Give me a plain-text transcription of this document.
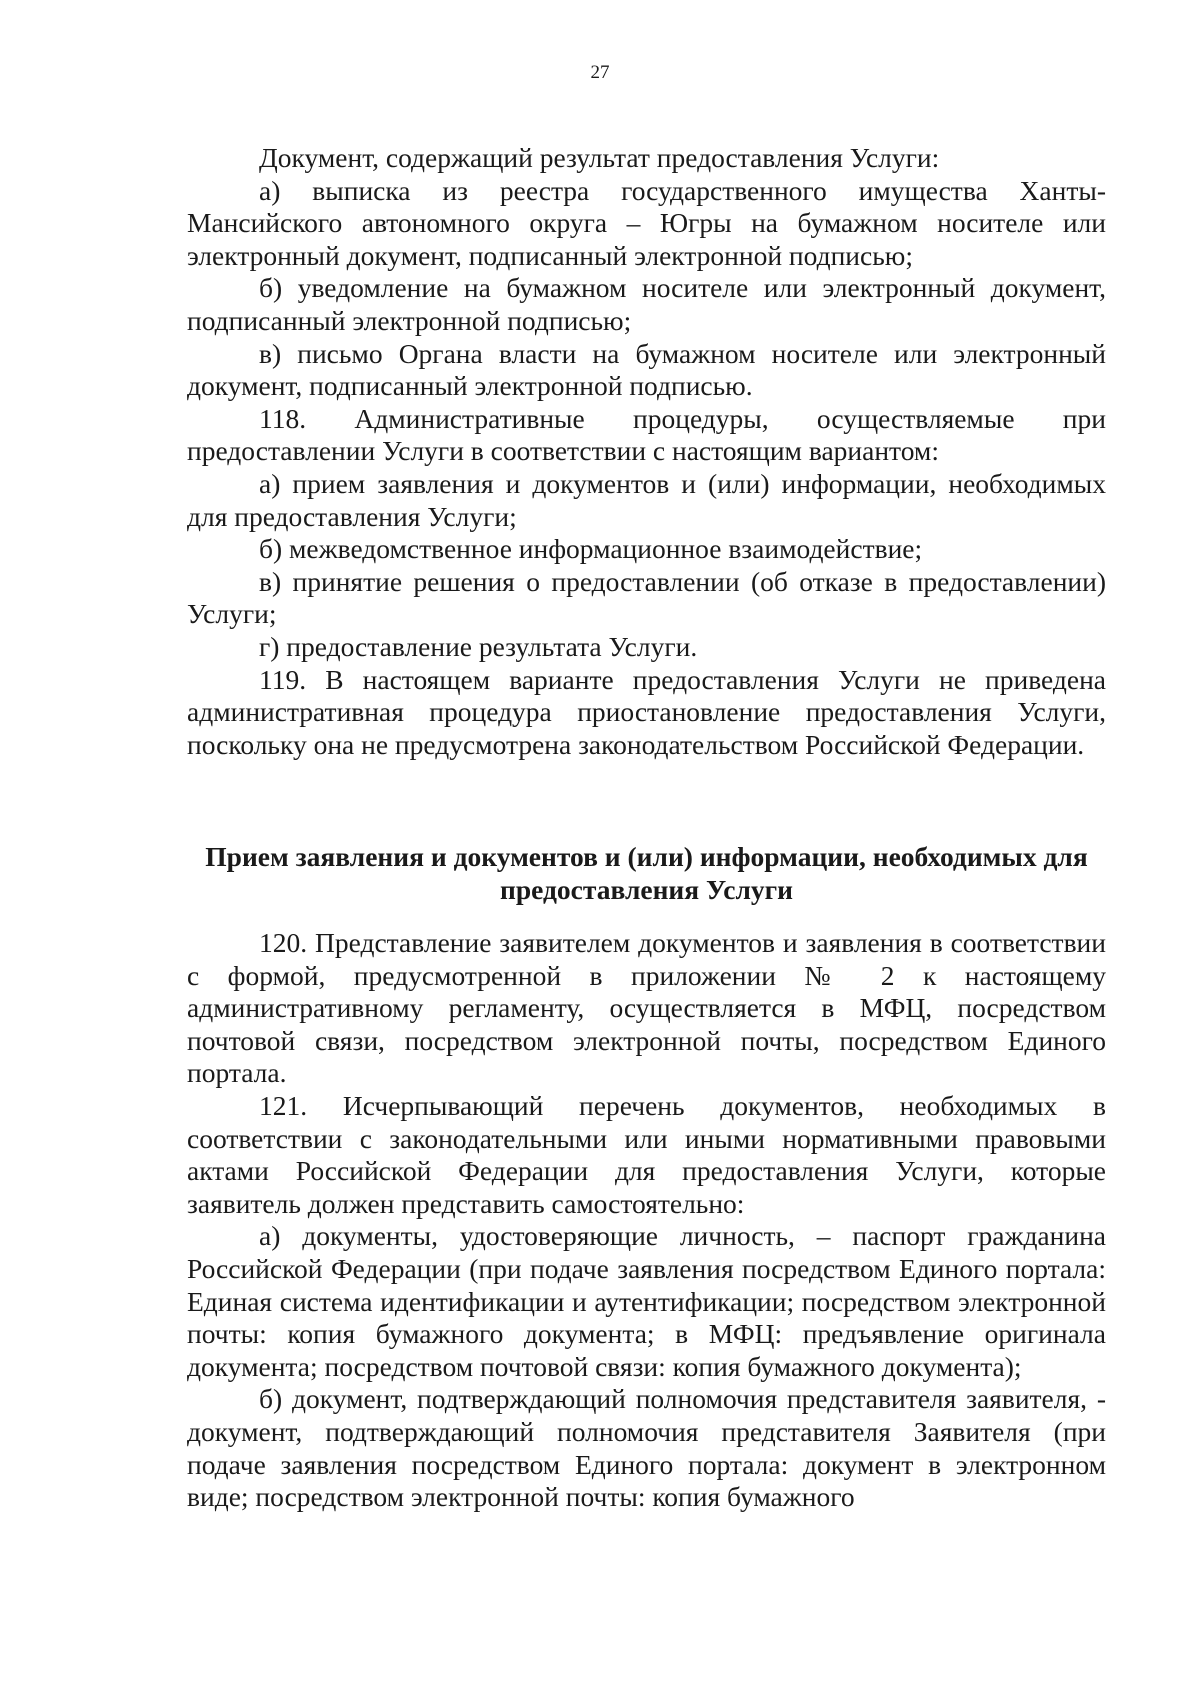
27

Документ, содержащий результат предоставления Услуги:

а) выписка из реестра государственного имущества Ханты-Мансийского автономного округа – Югры на бумажном носителе или электронный документ, подписанный электронной подписью;

б) уведомление на бумажном носителе или электронный документ, подписанный электронной подписью;

в) письмо Органа власти на бумажном носителе или электронный документ, подписанный электронной подписью.

118. Административные процедуры, осуществляемые при предоставлении Услуги в соответствии с настоящим вариантом:

а) прием заявления и документов и (или) информации, необходимых для предоставления Услуги;

б) межведомственное информационное взаимодействие;

в) принятие решения о предоставлении (об отказе в предоставлении) Услуги;

г) предоставление результата Услуги.

119. В настоящем варианте предоставления Услуги не приведена административная процедура приостановление предоставления Услуги, поскольку она не предусмотрена законодательством Российской Федерации.

Прием заявления и документов и (или) информации, необходимых для
предоставления Услуги

120. Представление заявителем документов и заявления в соответствии с формой, предусмотренной в приложении № 2 к настоящему административному регламенту, осуществляется в МФЦ, посредством почтовой связи, посредством электронной почты, посредством Единого портала.

121. Исчерпывающий перечень документов, необходимых в соответствии с законодательными или иными нормативными правовыми актами Российской Федерации для предоставления Услуги, которые заявитель должен представить самостоятельно:

а) документы, удостоверяющие личность, – паспорт гражданина Российской Федерации (при подаче заявления посредством Единого портала: Единая система идентификации и аутентификации; посредством электронной почты: копия бумажного документа; в МФЦ: предъявление оригинала документа; посредством почтовой связи: копия бумажного документа);

б) документ, подтверждающий полномочия представителя заявителя, - документ, подтверждающий полномочия представителя Заявителя (при подаче заявления посредством Единого портала: документ в электронном виде; посредством электронной почты: копия бумажного
